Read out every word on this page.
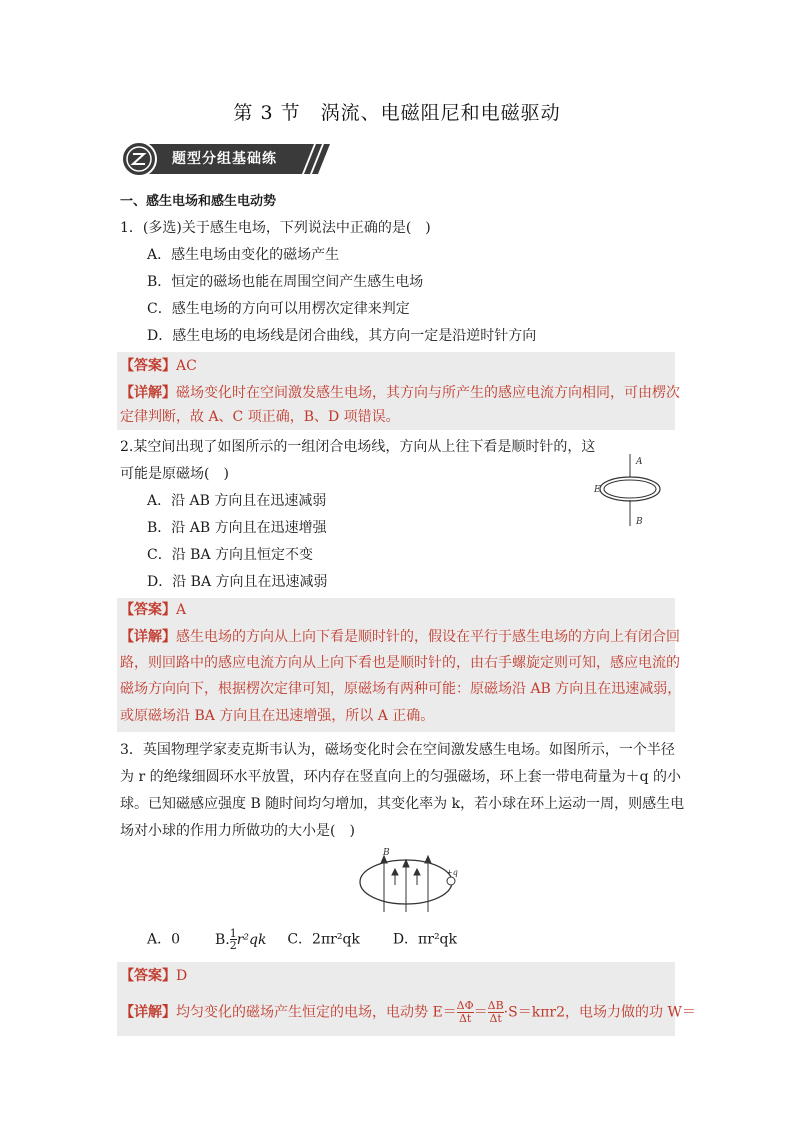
第 3 节　涡流、电磁阻尼和电磁驱动
题型分组基础练
一、感生电场和感生电动势
1．(多选)关于感生电场，下列说法中正确的是(　)
A．感生电场由变化的磁场产生
B．恒定的磁场也能在周围空间产生感生电场
C．感生电场的方向可以用楞次定律来判定
D．感生电场的电场线是闭合曲线，其方向一定是沿逆时针方向
【答案】AC
【详解】磁场变化时在空间激发感生电场，其方向与所产生的感应电流方向相同，可由楞次
定律判断，故 A、C 项正确，B、D 项错误。
2.某空间出现了如图所示的一组闭合电场线，方向从上往下看是顺时针的，这
可能是原磁场(　)
A．沿 AB 方向且在迅速减弱
B．沿 AB 方向且在迅速增强
C．沿 BA 方向且恒定不变
D．沿 BA 方向且在迅速减弱
A
B
E
【答案】A
【详解】感生电场的方向从上向下看是顺时针的，假设在平行于感生电场的方向上有闭合回
路，则回路中的感应电流方向从上向下看也是顺时针的，由右手螺旋定则可知，感应电流的
磁场方向向下，根据楞次定律可知，原磁场有两种可能：原磁场沿 AB 方向且在迅速减弱，
或原磁场沿 BA 方向且在迅速增强，所以 A 正确。
3．英国物理学家麦克斯韦认为，磁场变化时会在空间激发感生电场。如图所示，一个半径
为 r 的绝缘细圆环水平放置，环内存在竖直向上的匀强磁场，环上套一带电荷量为＋q 的小
球。已知磁感应强度 B 随时间均匀增加，其变化率为 k，若小球在环上运动一周，则感生电
场对小球的作用力所做功的大小是(　)
B
+q
A．0 B. $\frac{1}{2} r^2qk$ C．2πr²qk D．πr²qk
【答案】D
【详解】均匀变化的磁场产生恒定的电场，电动势 $E= \frac{\Delta\Phi}{\Delta t} = \frac{\Delta B}{\Delta t} \cdot S=k\pi r2$，电场力做的功 W＝
